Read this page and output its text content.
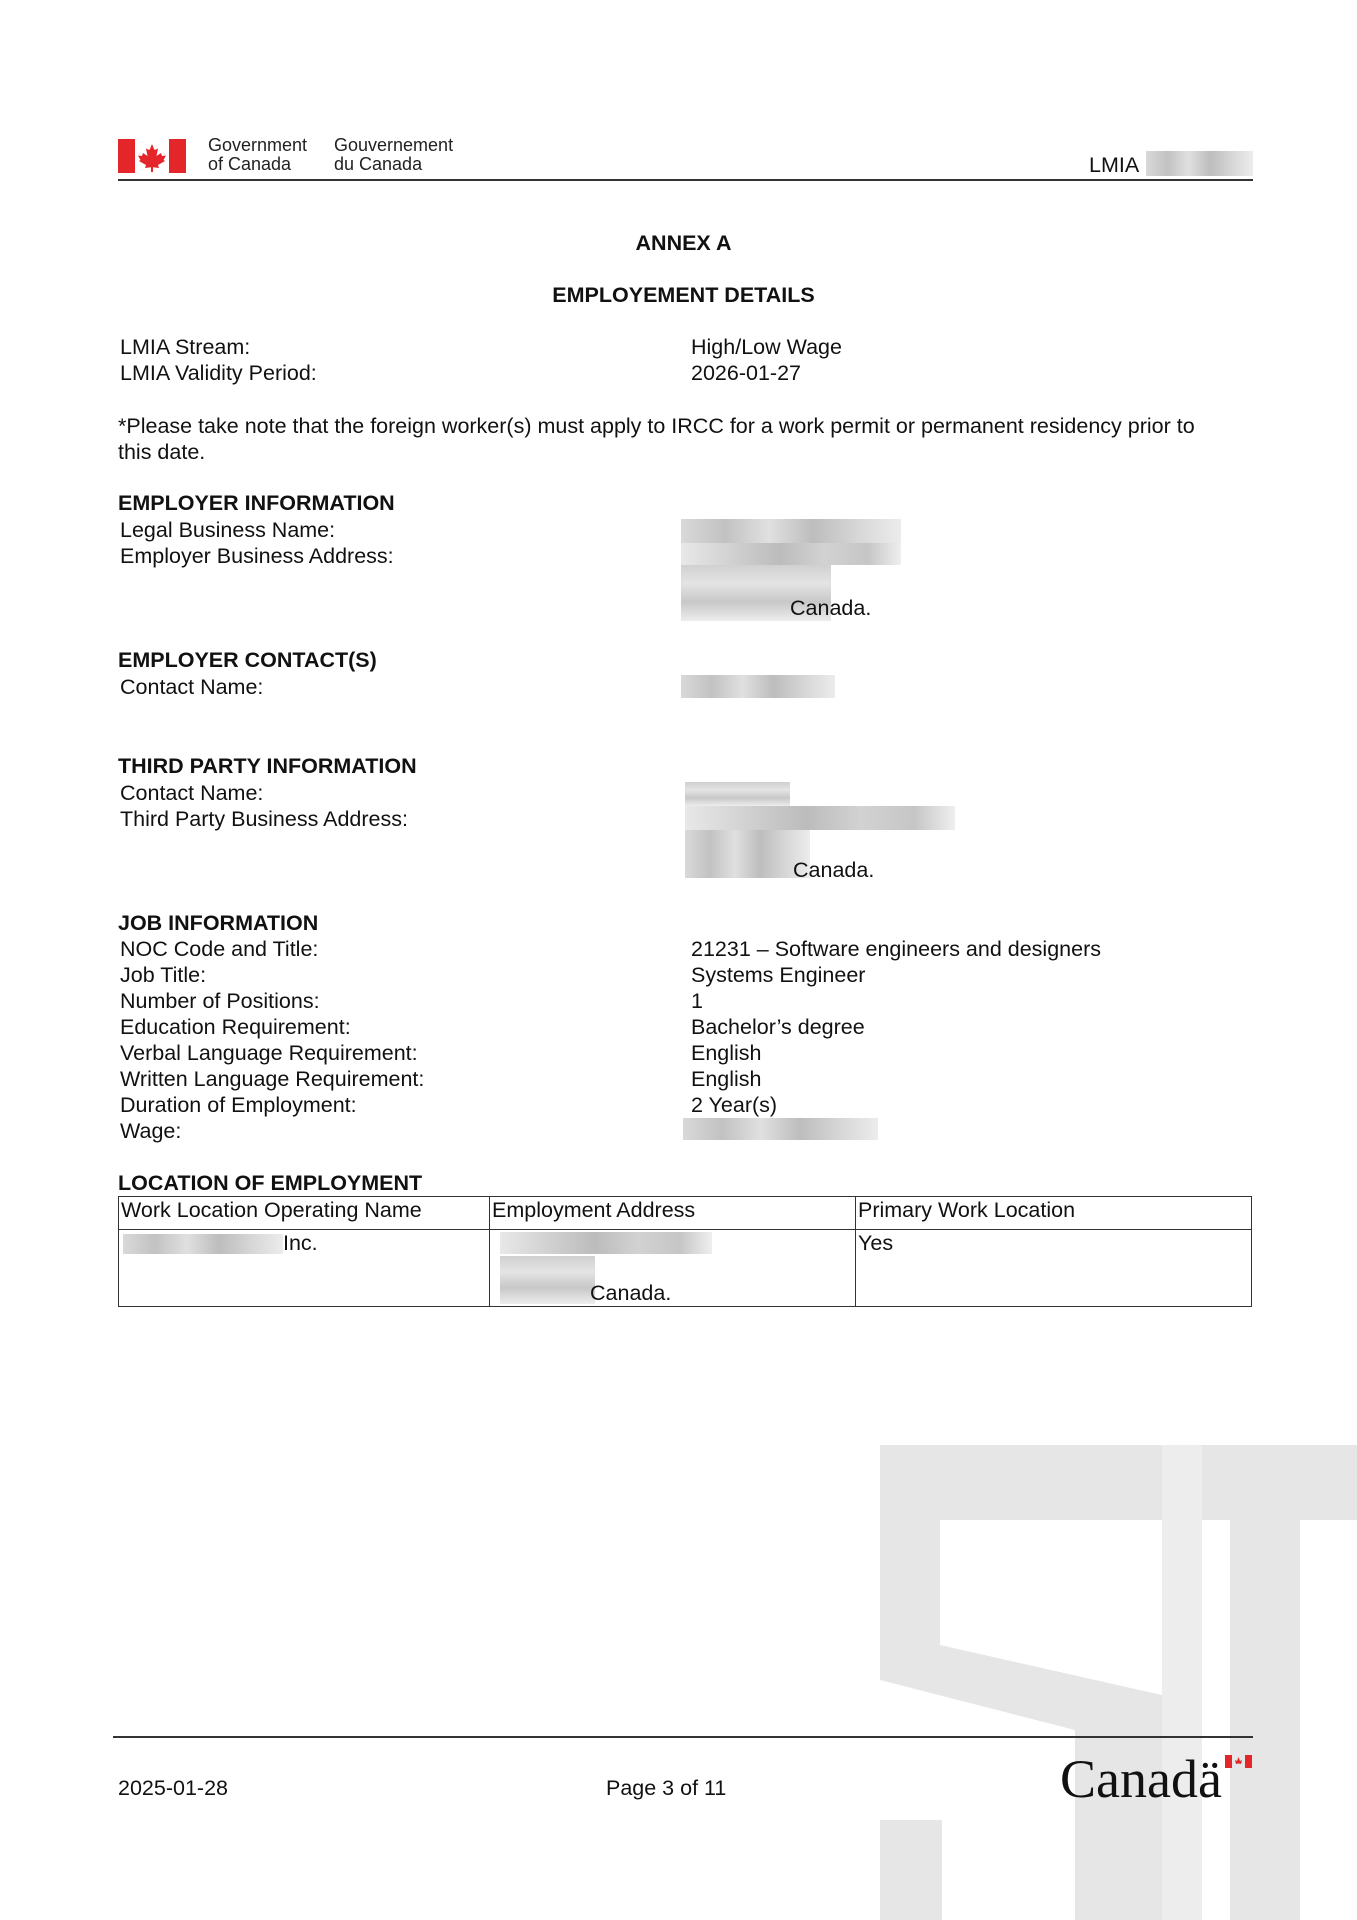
Government
of Canada
Gouvernement
du Canada	LMIA
ANNEX A
EMPLOYEMENT DETAILS
LMIA Stream:	High/Low Wage
LMIA Validity Period:	2026-01-27
*Please take note that the foreign worker(s) must apply to IRCC for a work permit or permanent residency prior to
this date.
EMPLOYER INFORMATION
Legal Business Name:
Employer Business Address:
Canada.
EMPLOYER CONTACT(S)
Contact Name:
THIRD PARTY INFORMATION
Contact Name:
Third Party Business Address:
Canada.
JOB INFORMATION
NOC Code and Title:	21231 – Software engineers and designers
Job Title:	Systems Engineer
Number of Positions:	1
Education Requirement:	Bachelor’s degree
Verbal Language Requirement:	English
Written Language Requirement:	English
Duration of Employment:	2 Year(s)
Wage:
LOCATION OF EMPLOYMENT
Work Location Operating Name	Employment Address	Primary Work Location

Inc.	Canada.	Yes
2025-01-28	Page 3 of 11	Canadä
